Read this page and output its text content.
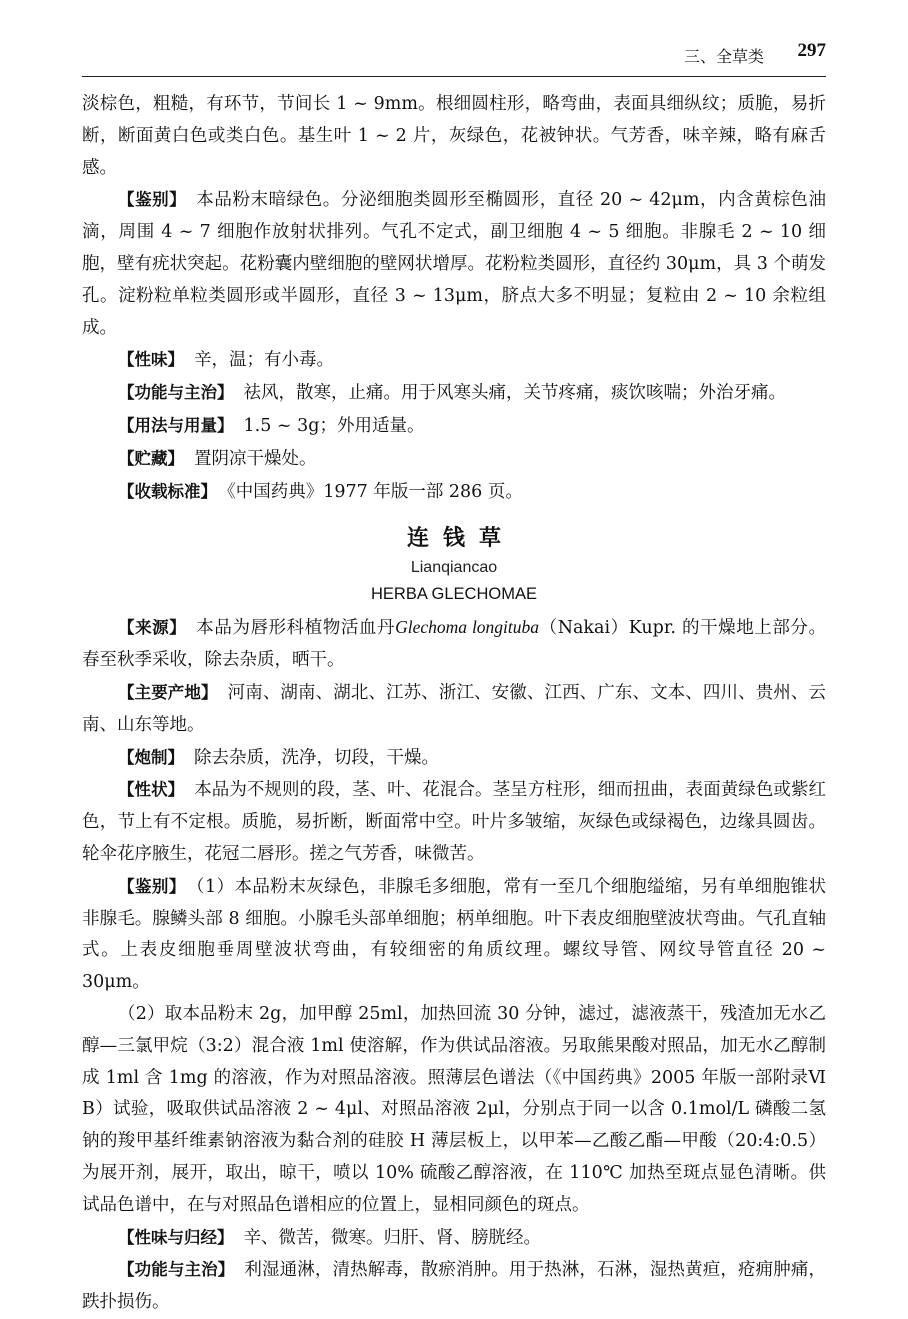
三、全草类 297

淡棕色，粗糙，有环节，节间长 1 ~ 9mm。根细圆柱形，略弯曲，表面具细纵纹；质脆，易折断，断面黄白色或类白色。基生叶 1 ~ 2 片，灰绿色，花被钟状。气芳香，味辛辣，略有麻舌感。

【鉴别】 本品粉末暗绿色。分泌细胞类圆形至椭圆形，直径 20 ~ 42μm，内含黄棕色油滴，周围 4 ~ 7 细胞作放射状排列。气孔不定式，副卫细胞 4 ~ 5 细胞。非腺毛 2 ~ 10 细胞，壁有疣状突起。花粉囊内壁细胞的壁网状增厚。花粉粒类圆形，直径约 30μm，具 3 个萌发孔。淀粉粒单粒类圆形或半圆形，直径 3 ~ 13μm，脐点大多不明显；复粒由 2 ~ 10 余粒组成。

【性味】 辛，温；有小毒。

【功能与主治】 祛风，散寒，止痛。用于风寒头痛，关节疼痛，痰饮咳喘；外治牙痛。

【用法与用量】 1.5 ~ 3g；外用适量。

【贮藏】 置阴凉干燥处。

【收载标准】 《中国药典》1977 年版一部 286 页。

连钱草
Lianqiancao
HERBA GLECHOMAE

【来源】 本品为唇形科植物活血丹Glechoma longituba（Nakai）Kupr. 的干燥地上部分。春至秋季采收，除去杂质，晒干。

【主要产地】 河南、湖南、湖北、江苏、浙江、安徽、江西、广东、文本、四川、贵州、云南、山东等地。

【炮制】 除去杂质，洗净，切段，干燥。

【性状】 本品为不规则的段，茎、叶、花混合。茎呈方柱形，细而扭曲，表面黄绿色或紫红色，节上有不定根。质脆，易折断，断面常中空。叶片多皱缩，灰绿色或绿褐色，边缘具圆齿。轮伞花序腋生，花冠二唇形。搓之气芳香，味微苦。

【鉴别】 （1）本品粉末灰绿色，非腺毛多细胞，常有一至几个细胞缢缩，另有单细胞锥状非腺毛。腺鳞头部 8 细胞。小腺毛头部单细胞；柄单细胞。叶下表皮细胞壁波状弯曲。气孔直轴式。上表皮细胞垂周壁波状弯曲，有较细密的角质纹理。螺纹导管、网纹导管直径 20 ~ 30μm。

（2）取本品粉末 2g，加甲醇 25ml，加热回流 30 分钟，滤过，滤液蒸干，残渣加无水乙醇—三氯甲烷（3:2）混合液 1ml 使溶解，作为供试品溶液。另取熊果酸对照品，加无水乙醇制成 1ml 含 1mg 的溶液，作为对照品溶液。照薄层色谱法（《中国药典》2005 年版一部附录Ⅵ B）试验，吸取供试品溶液 2 ~ 4μl、对照品溶液 2μl，分别点于同一以含 0.1mol/L 磷酸二氢钠的羧甲基纤维素钠溶液为黏合剂的硅胶 H 薄层板上，以甲苯—乙酸乙酯—甲酸（20:4:0.5）为展开剂，展开，取出，晾干，喷以 10% 硫酸乙醇溶液，在 110℃ 加热至斑点显色清晰。供试品色谱中，在与对照品色谱相应的位置上，显相同颜色的斑点。

【性味与归经】 辛、微苦，微寒。归肝、肾、膀胱经。

【功能与主治】 利湿通淋，清热解毒，散瘀消肿。用于热淋，石淋，湿热黄疸，疮痈肿痛，跌扑损伤。
